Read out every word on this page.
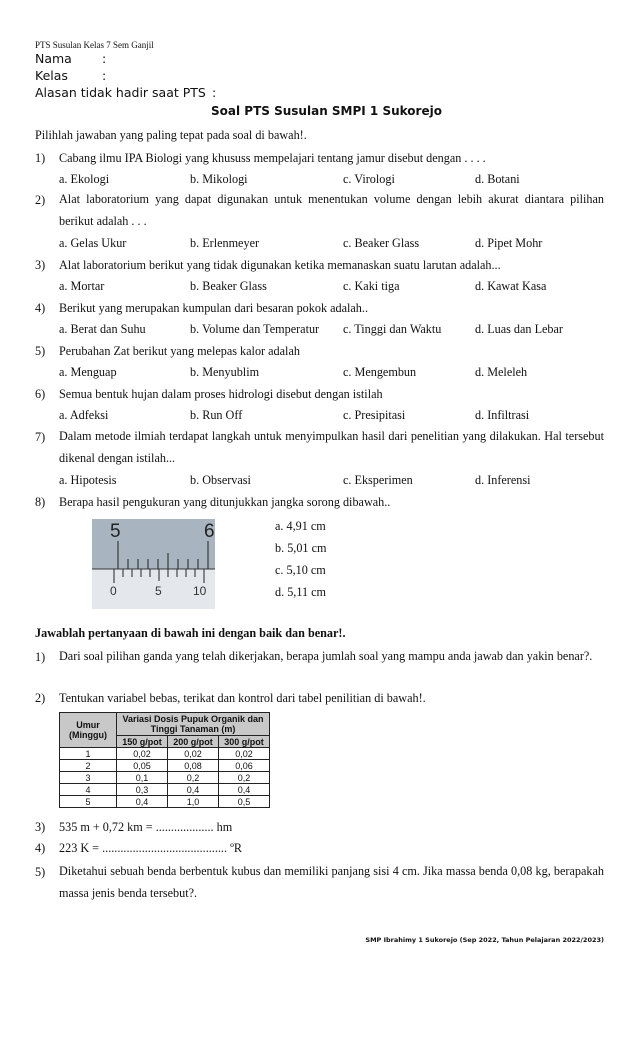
PTS Susulan Kelas 7 Sem Ganjil
Nama :
Kelas	:
Alasan tidak hadir saat PTS :
Soal PTS Susulan SMPI 1 Sukorejo
Pilihlah jawaban yang paling tepat pada soal di bawah!.
1) Cabang ilmu IPA Biologi yang khususs mempelajari tentang jamur disebut dengan . . . .
a. Ekologi	b. Mikologi	c. Virologi	d. Botani
2) Alat laboratorium yang dapat digunakan untuk menentukan volume dengan lebih akurat diantara pilihan berikut adalah . . .
a. Gelas Ukur	b. Erlenmeyer	c. Beaker Glass	d. Pipet Mohr
3) Alat laboratorium berikut yang tidak digunakan ketika memanaskan suatu larutan adalah...
a. Mortar	b. Beaker Glass	c. Kaki tiga	d. Kawat Kasa
4) Berikut yang merupakan kumpulan dari besaran pokok adalah..
a. Berat dan Suhu	b. Volume dan Temperatur c. Tinggi dan Waktu	d. Luas dan Lebar
5) Perubahan Zat berikut yang melepas kalor adalah
a. Menguap	b. Menyublim	c. Mengembun	d. Meleleh
6) Semua bentuk hujan dalam proses hidrologi disebut dengan istilah
a. Adfeksi	b. Run Off	c. Presipitasi	d. Infiltrasi
7) Dalam metode ilmiah terdapat langkah untuk menyimpulkan hasil dari penelitian yang dilakukan. Hal tersebut dikenal dengan istilah...
a. Hipotesis	b. Observasi	c. Eksperimen	d. Inferensi
8) Berapa hasil pengukuran yang ditunjukkan jangka sorong dibawah..
5	6
0	5	10
a. 4,91 cm
b. 5,01 cm
c. 5,10 cm
d. 5,11 cm
Jawablah pertanyaan di bawah ini dengan baik dan benar!.
1) Dari soal pilihan ganda yang telah dikerjakan, berapa jumlah soal yang mampu anda jawab dan yakin benar?.
2) Tentukan variabel bebas, terikat dan kontrol dari tabel penilitian di bawah!.
Umur (Minggu)	Variasi Dosis Pupuk Organik dan Tinggi Tanaman (m)		
	150 g/pot	200 g/pot	300 g/pot
1	0,02	0,02	0,02
2	0,05	0,08	0,06
3	0,1	0,2	0,2
4	0,3	0,4	0,4
5	0,4	1,0	0,5
3) 535 m + 0,72 km = ................... hm
4) 223 K = ......................................... ºR
5) Diketahui sebuah benda berbentuk kubus dan memiliki panjang sisi 4 cm. Jika massa benda 0,08 kg, berapakah massa jenis benda tersebut?.
SMP Ibrahimy 1 Sukorejo (Sep 2022, Tahun Pelajaran 2022/2023)
